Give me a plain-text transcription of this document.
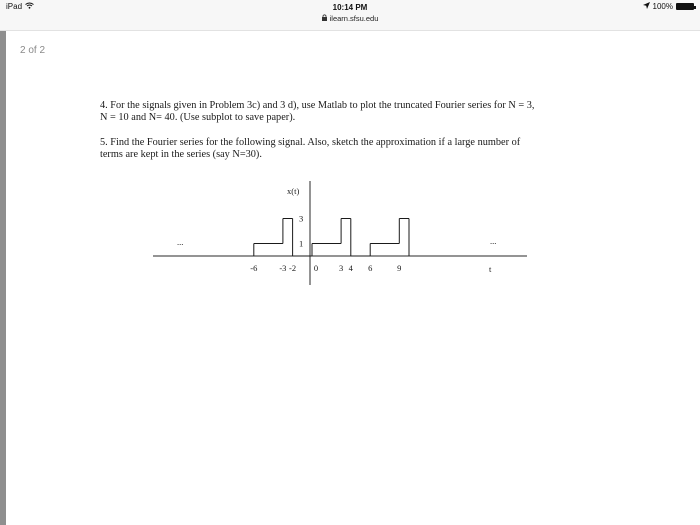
iPad	10:14 PM
ilearn.sfsu.edu
100%
2 of 2

4. For the signals given in Problem 3c) and 3 d), use Matlab to plot the truncated Fourier series for N = 3,
N = 10 and N= 40. (Use subplot to save paper).

5. Find the Fourier series for the following signal. Also, sketch the approximation if a large number of
terms are kept in the series (say N=30).

x(t)
t
...	...
-6	-3 -2 0 3 4 6	9
3
1
